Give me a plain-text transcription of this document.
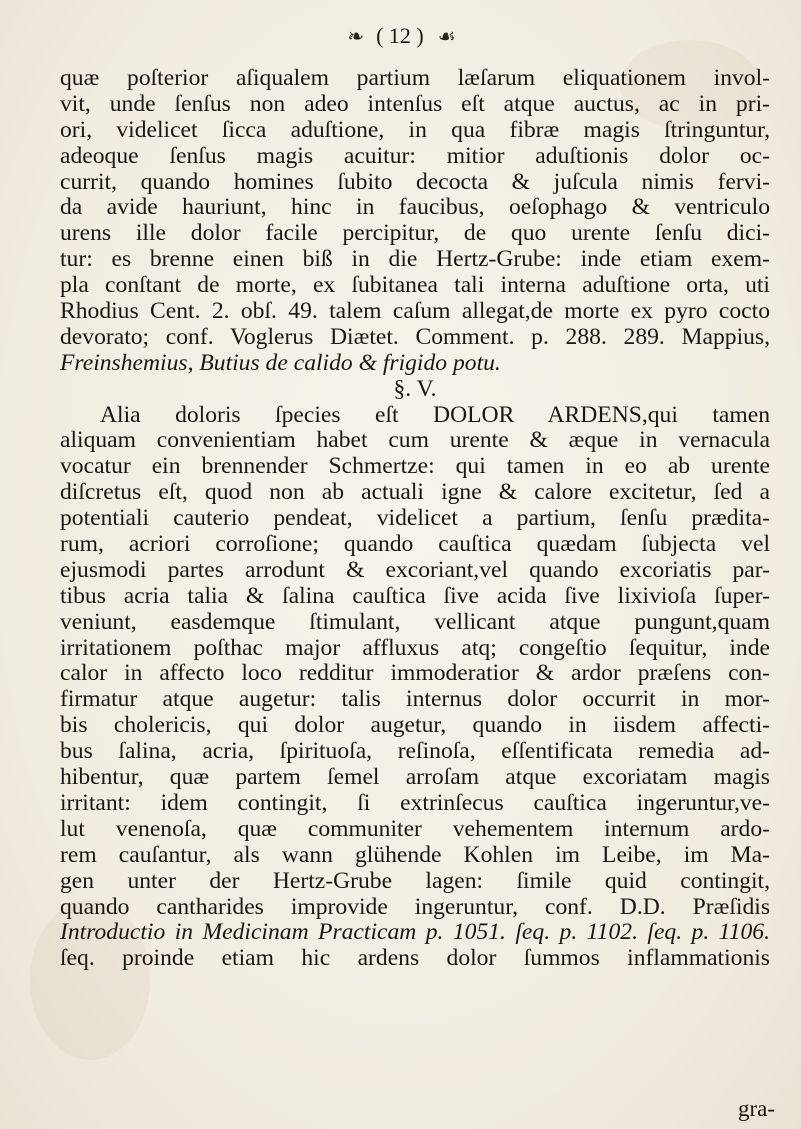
❧ ( 12 ) ☙
quæ poſterior aſiqualem partium læſarum eliquationem invol-
vit, unde ſenſus non adeo intenſus eſt atque auctus, ac in pri-
ori, videlicet ſicca aduſtione, in qua fibræ magis ſtringuntur,
adeoque ſenſus magis acuitur: mitior aduſtionis dolor oc-
currit, quando homines ſubito decocta & juſcula nimis fervi-
da avide hauriunt, hinc in faucibus, oeſophago & ventriculo
urens ille dolor facile percipitur, de quo urente ſenſu dici-
tur: es brenne einen biß in die Hertz-Grube: inde etiam exem-
pla conſtant de morte, ex ſubitanea tali interna aduſtione orta, uti
Rhodius Cent. 2. obſ. 49. talem caſum allegat,de morte ex pyro cocto
devorato; conf. Voglerus Diætet. Comment. p. 288. 289. Mappius,
Freinshemius, Butius de calido & frigido potu.
§. V.
Alia doloris ſpecies eſt DOLOR ARDENS,qui tamen
aliquam convenientiam habet cum urente & æque in vernacula
vocatur ein brennender Schmertze: qui tamen in eo ab urente
diſcretus eſt, quod non ab actuali igne & calore excitetur, ſed a
potentiali cauterio pendeat, videlicet a partium, ſenſu prædita-
rum, acriori corroſione; quando cauſtica quædam ſubjecta vel
ejusmodi partes arrodunt & excoriant,vel quando excoriatis par-
tibus acria talia & ſalina cauſtica ſive acida ſive lixivioſa ſuper-
veniunt, easdemque ſtimulant, vellicant atque pungunt,quam
irritationem poſthac major affluxus atq; congeſtio ſequitur, inde
calor in affecto loco redditur immoderatior & ardor præſens con-
firmatur atque augetur: talis internus dolor occurrit in mor-
bis cholericis, qui dolor augetur, quando in iisdem affecti-
bus ſalina, acria, ſpirituoſa, reſinoſa, eſſentificata remedia ad-
hibentur, quæ partem ſemel arroſam atque excoriatam magis
irritant: idem contingit, ſi extrinſecus cauſtica ingeruntur,ve-
lut venenoſa, quæ communiter vehementem internum ardo-
rem cauſantur, als wann glühende Kohlen im Leibe, im Ma-
gen unter der Hertz-Grube lagen: ſimile quid contingit,
quando cantharides improvide ingeruntur, conf. D.D. Præſidis
Introductio in Medicinam Practicam p. 1051. ſeq. p. 1102. ſeq. p. 1106.
ſeq. proinde etiam hic ardens dolor ſummos inflammationis
gra-
